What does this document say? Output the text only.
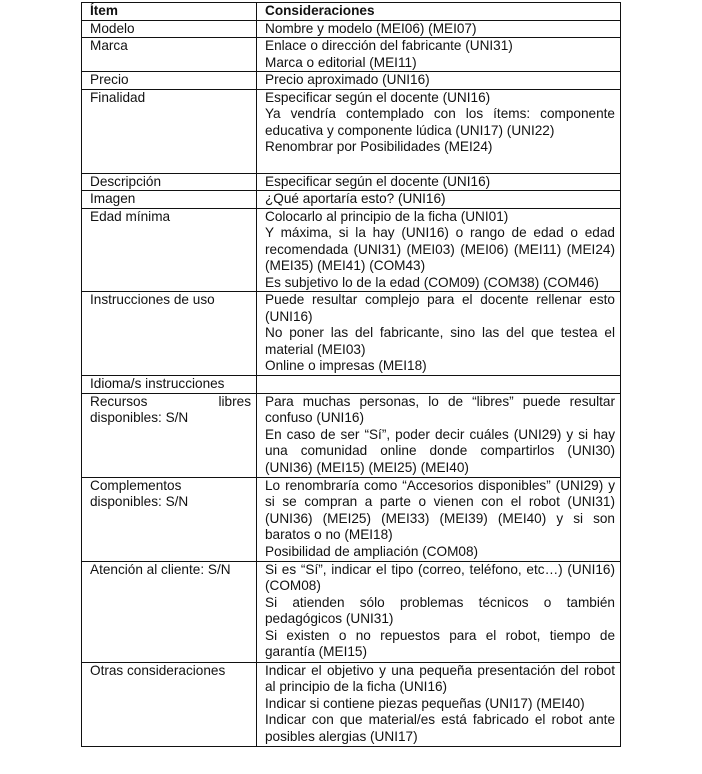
Ítem	Consideraciones
Modelo	Nombre y modelo (MEI06) (MEI07)

Marca	Enlace o dirección del fabricante (UNI31)
Marca o editorial (MEI11)

Precio	Precio aproximado (UNI16)

Finalidad	Especificar según el docente (UNI16)
Ya vendría contemplado con los ítems: componente educativa y componente lúdica (UNI17) (UNI22)
Renombrar por Posibilidades (MEI24)

Descripción	Especificar según el docente (UNI16)

Imagen	¿Qué aportaría esto? (UNI16)

Edad mínima	Colocarlo al principio de la ficha (UNI01)
Y máxima, si la hay (UNI16) o rango de edad o edad recomendada (UNI31) (MEI03) (MEI06) (MEI11) (MEI24) (MEI35) (MEI41) (COM43)
Es subjetivo lo de la edad (COM09) (COM38) (COM46)

Instrucciones de uso	Puede resultar complejo para el docente rellenar esto (UNI16)
No poner las del fabricante, sino las del que testea el material (MEI03)
Online o impresas (MEI18)

Idioma/s instrucciones	

Recursos libres disponibles: S/N	Para muchas personas, lo de “libres” puede resultar confuso (UNI16)
En caso de ser “Sí”, poder decir cuáles (UNI29) y si hay una comunidad online donde compartirlos (UNI30) (UNI36) (MEI15) (MEI25) (MEI40)

Complementos disponibles: S/N	Lo renombraría como “Accesorios disponibles” (UNI29) y si se compran a parte o vienen con el robot (UNI31) (UNI36) (MEI25) (MEI33) (MEI39) (MEI40) y si son baratos o no (MEI18)
Posibilidad de ampliación (COM08)

Atención al cliente: S/N	Si es “Sí”, indicar el tipo (correo, teléfono, etc…) (UNI16) (COM08)
Si atienden sólo problemas técnicos o también pedagógicos (UNI31)
Si existen o no repuestos para el robot, tiempo de garantía (MEI15)

Otras consideraciones	Indicar el objetivo y una pequeña presentación del robot al principio de la ficha (UNI16)
Indicar si contiene piezas pequeñas (UNI17) (MEI40)
Indicar con que material/es está fabricado el robot ante posibles alergias (UNI17)
